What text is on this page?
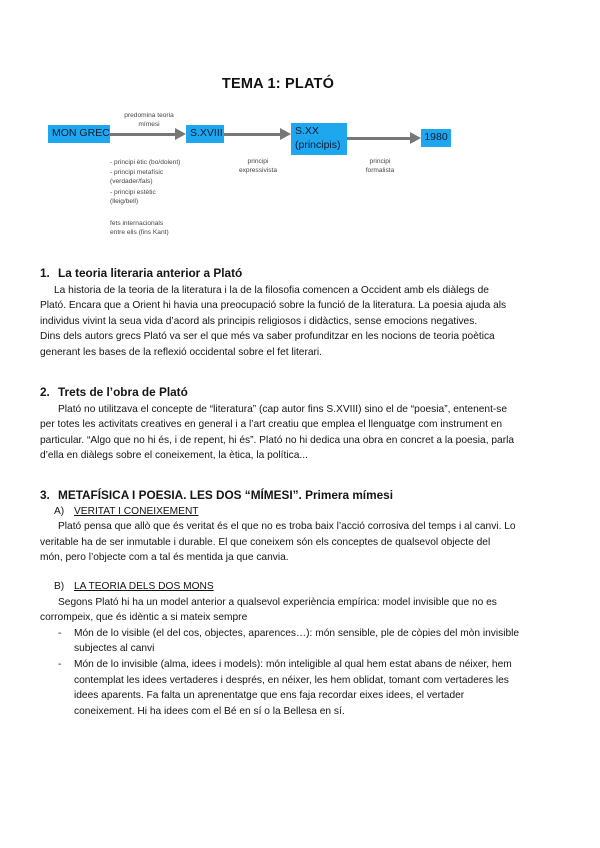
TEMA 1: PLATÓ
MON GREC	S.XVIII	S.XX
(principis)
1980
predomina teoria
mímesi
principi
expressivista
principi
formalista
- principi ètic (bo/dolent)
- principi metafísic (verdader/fals)
- principi estètic (lleig/bell)
fets internacionals
entre ells (fins Kant)
1. La teoria literaria anterior a Plató

La historia de la teoria de la literatura i la de la filosofia comencen a Occident amb els diàlegs de

Plató. Encara que a Orient hi havia una preocupació sobre la funció de la literatura. La poesia ajuda als

individus vivint la seua vida d’acord als principis religiosos i didàctics, sense emocions negatives.

Dins dels autors grecs Plató va ser el que més va saber profunditzar en les nocions de teoria poètica

generant les bases de la reflexió occidental sobre el fet literari.

2. Trets de l’obra de Plató

Plató no utilitzava el concepte de “literatura” (cap autor fins S.XVIII) sino el de “poesia”, entenent-se

per totes les activitats creatives en general i a l’art creatiu que emplea el llenguatge com instrument en

particular. “Algo que no hi és, i de repent, hi és”. Plató no hi dedica una obra en concret a la poesia, parla

d’ella en diàlegs sobre el coneixement, la ètica, la política...

3. METAFÍSICA I POESIA. LES DOS “MÍMESI”. Primera mímesi
A) VERITAT I CONEIXEMENT

Plató pensa que allò que és veritat és el que no es troba baix l’acció corrosiva del temps i al canvi. Lo

veritable ha de ser inmutable i durable. El que coneixem són els conceptes de qualsevol objecte del

món, pero l’objecte com a tal és mentida ja que canvia.

B) LA TEORIA DELS DOS MONS

Segons Plató hi ha un model anterior a qualsevol experiència empírica: model invisible que no es

corrompeix, que és idèntic a si mateix sempre

- Món de lo visible (el del cos, objectes, aparences…): món sensible, ple de còpies del mòn invisible
subjectes al canvi
- Món de lo invisible (alma, idees i models): món inteligible al qual hem estat abans de néixer, hem
contemplat les idees vertaderes i després, en néixer, les hem oblidat, tomant com vertaderes les
idees aparents. Fa falta un aprenentatge que ens faja recordar eixes idees, el vertader
coneixement. Hi ha idees com el Bé en sí o la Bellesa en sí.
